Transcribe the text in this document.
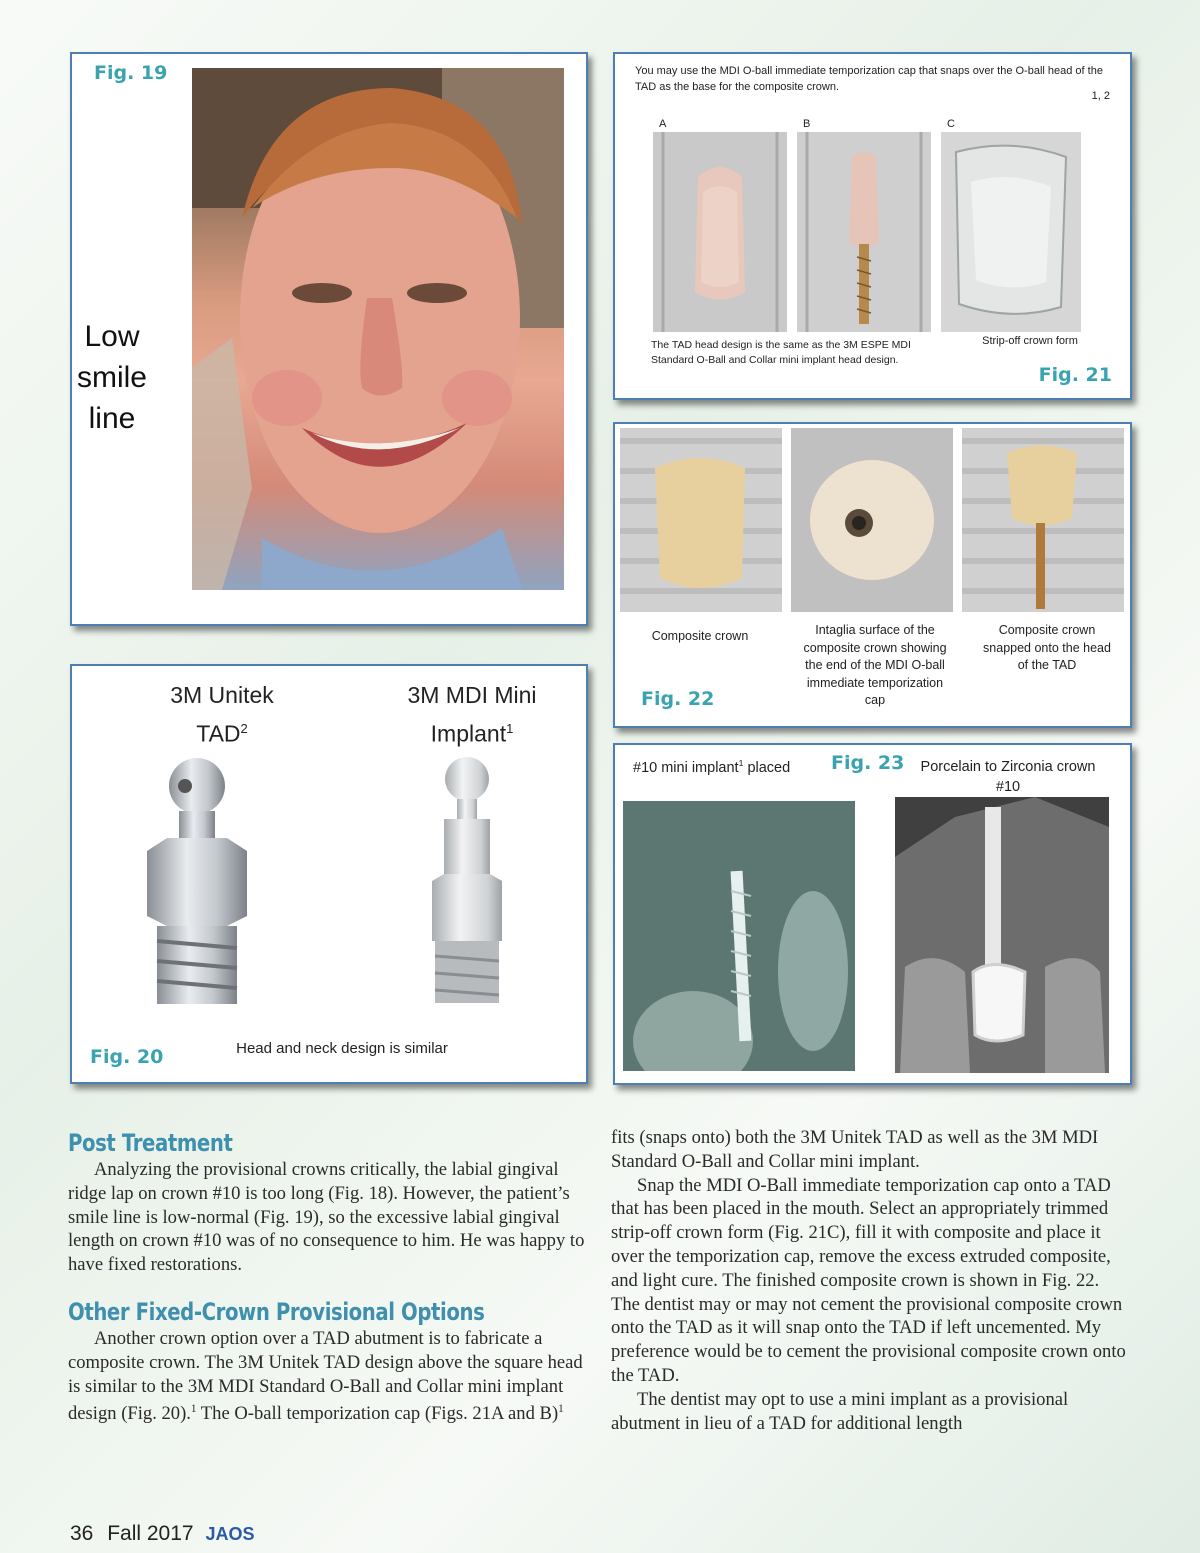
Fig. 19
Low
smile
line
You may use the MDI O-ball immediate temporization cap that snaps over the O-ball head of the TAD as the base for the composite crown.
1, 2
A	B	C
The TAD head design is the same as the 3M ESPE MDI Standard O-Ball and Collar mini implant head design.
Strip-off crown form
Fig. 21
Composite crown	Intaglia surface of the composite crown showing the end of the MDI O-ball immediate temporization cap
Composite crown snapped onto the head of the TAD
Fig. 22
3M Unitek
TAD$^2$
3M MDI Mini
Implant$^1$
Head and neck design is similar
Fig. 20
#10 mini implant$^1$ placed	Fig. 23	Porcelain to Zirconia crown
#10
Post Treatment

Analyzing the provisional crowns critically, the labial gingival ridge lap on crown #10 is too long (Fig. 18). However, the patient’s smile line is low-normal (Fig. 19), so the excessive labial gingival length on crown #10 was of no consequence to him. He was happy to have fixed restorations.

Other Fixed-Crown Provisional Options

Another crown option over a TAD abutment is to fabricate a composite crown. The 3M Unitek TAD design above the square head is similar to the 3M MDI Standard O-Ball and Collar mini implant design (Fig. 20).$^1$ The O-ball temporization cap (Figs. 21A and B)$^1$

fits (snaps onto) both the 3M Unitek TAD as well as the 3M MDI Standard O-Ball and Collar mini implant.

Snap the MDI O-Ball immediate temporization cap onto a TAD that has been placed in the mouth. Select an appropriately trimmed strip-off crown form (Fig. 21C), fill it with composite and place it over the temporization cap, remove the excess extruded composite, and light cure. The finished composite crown is shown in Fig. 22. The dentist may or may not cement the provisional composite crown onto the TAD as it will snap onto the TAD if left uncemented. My preference would be to cement the provisional composite crown onto the TAD.

The dentist may opt to use a mini implant as a provisional abutment in lieu of a TAD for additional length

36 Fall 2017 JAOS
